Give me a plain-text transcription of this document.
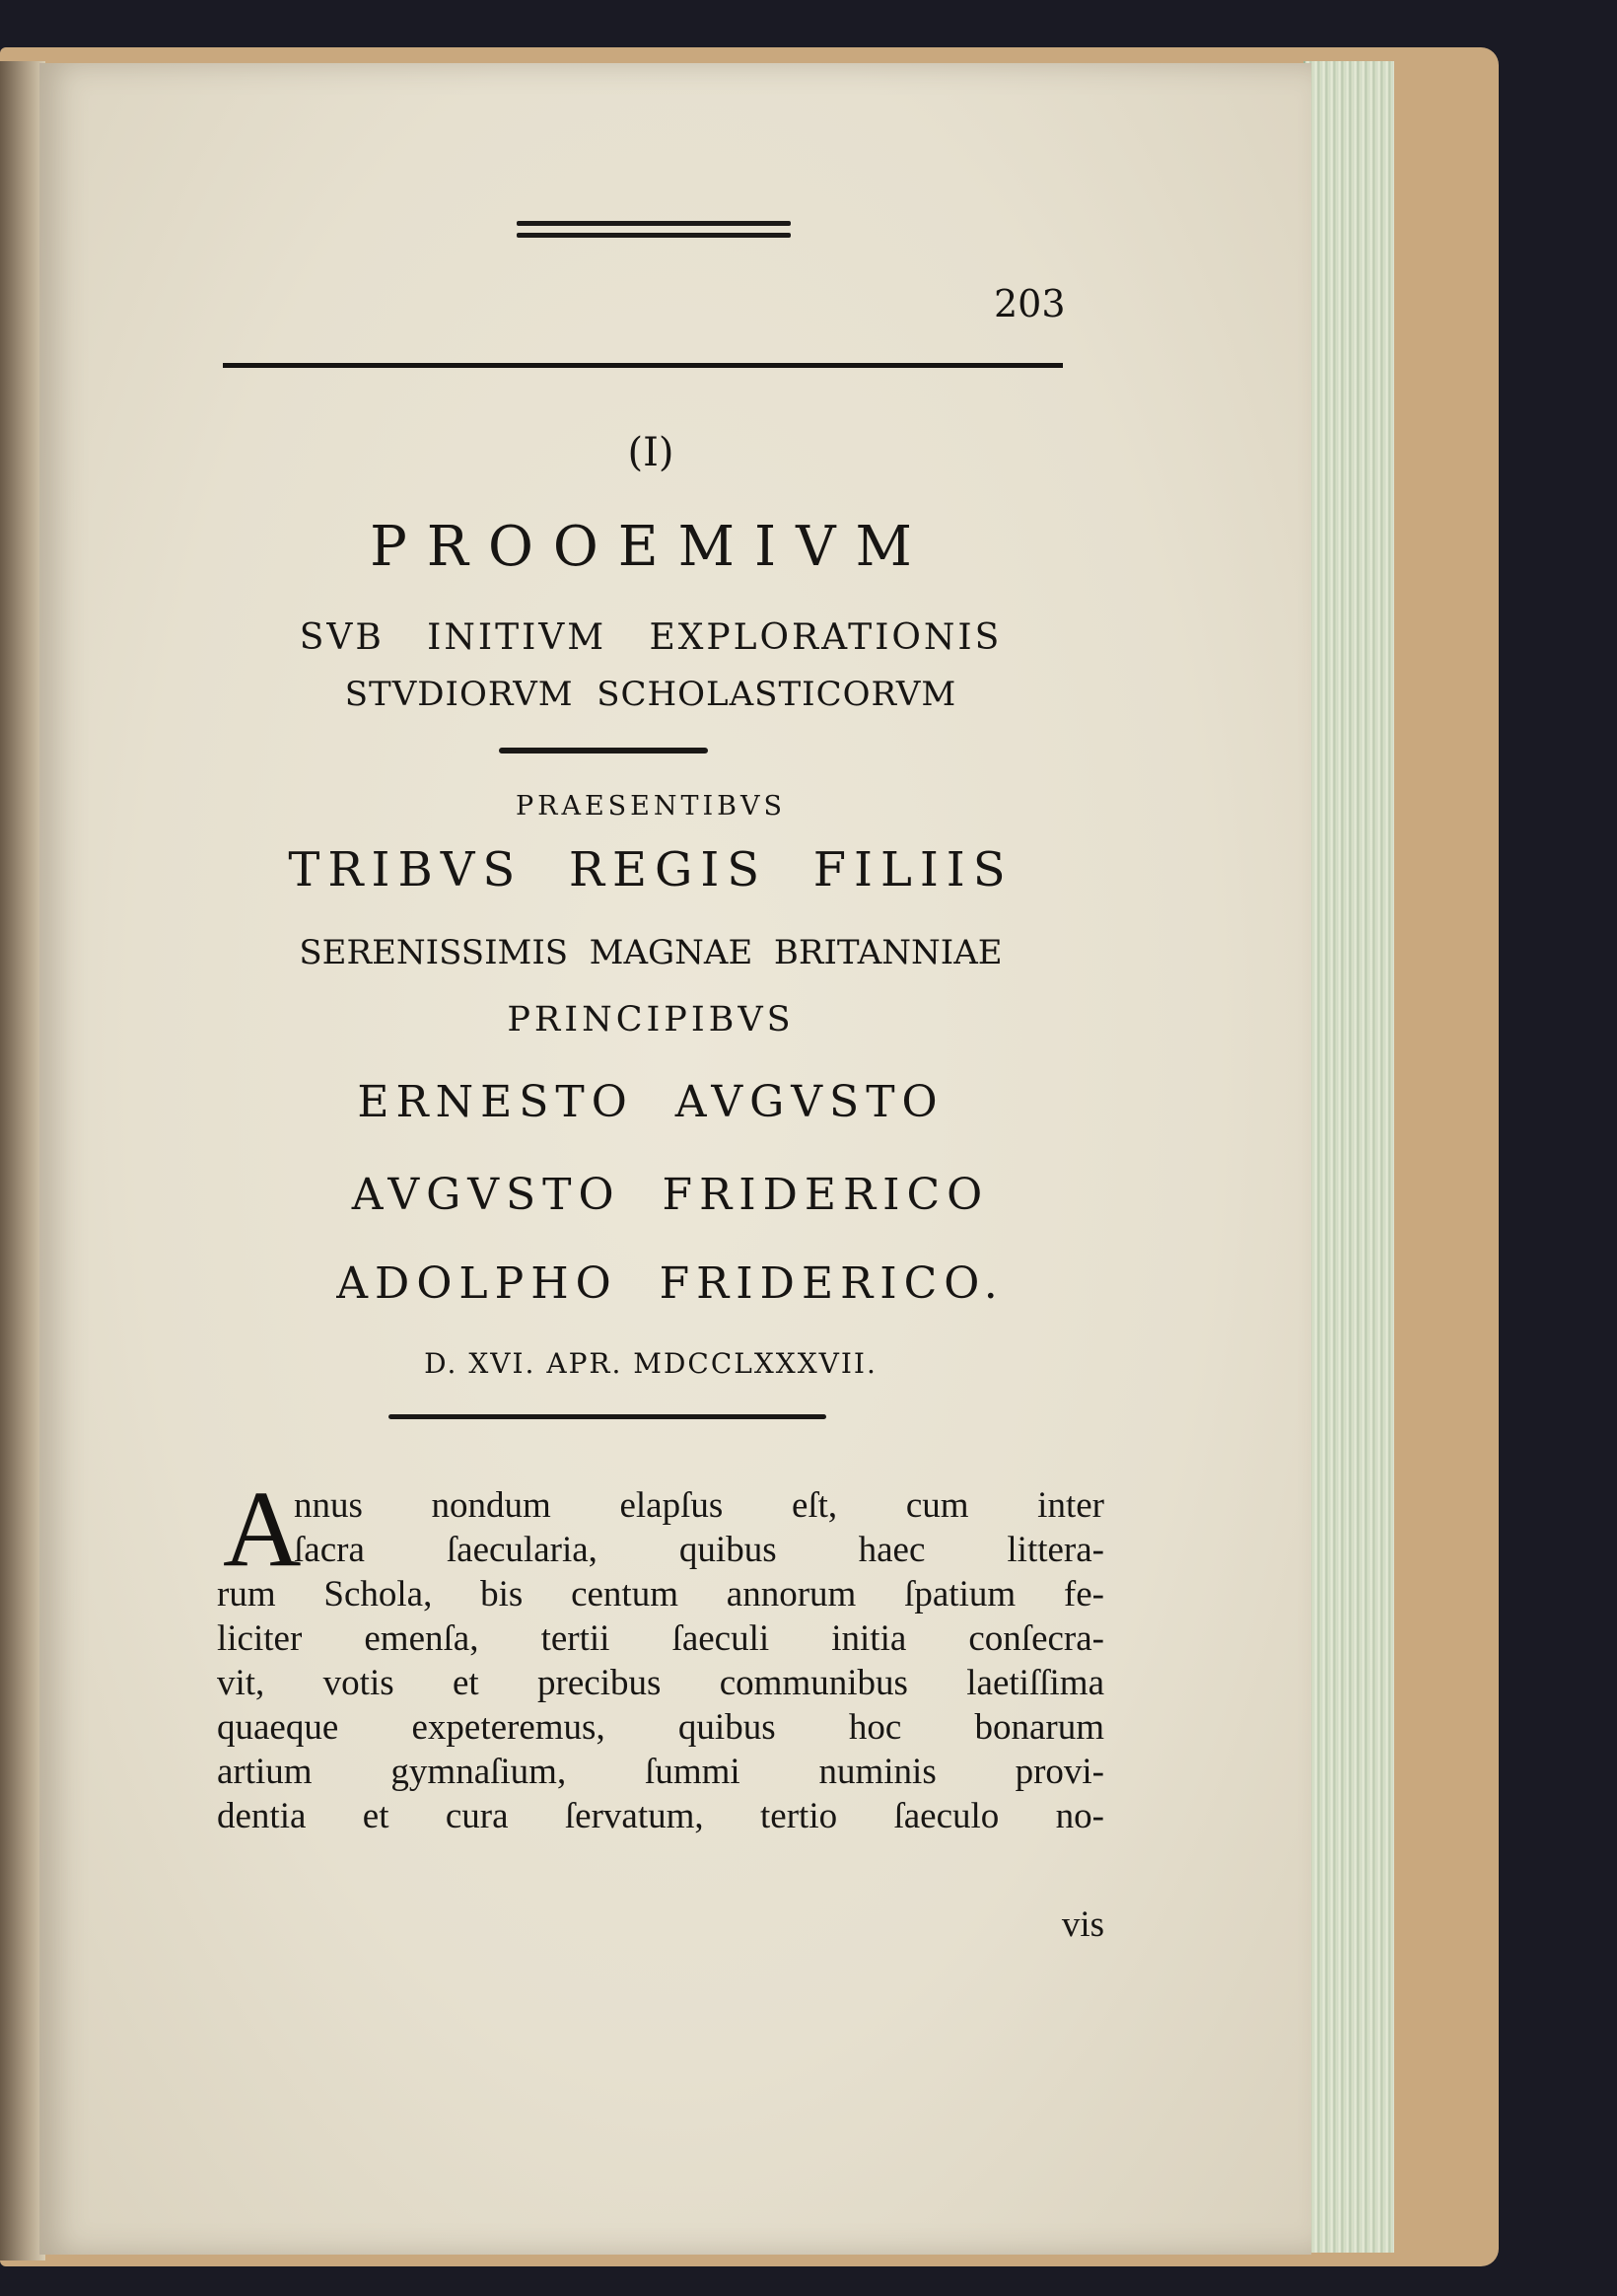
203
(I)
PROOEMIVM
SVB   INITIVM   EXPLORATIONIS
STVDIORVM  SCHOLASTICORVM
PRAESENTIBVS
TRIBVS  REGIS  FILIIS
SERENISSIMIS  MAGNAE  BRITANNIAE
PRINCIPIBVS
ERNESTO  AVGVSTO
AVGVSTO  FRIDERICO
ADOLPHO  FRIDERICO.
D. XVI. APR. MDCCLXXXVII.
A
nnus nondum elapſus eſt, cum inter
ſacra ſaecularia, quibus haec littera-
rum Schola, bis centum annorum ſpatium fe-
liciter emenſa, tertii ſaeculi initia conſecra-
vit, votis et precibus communibus laetiſſima
quaeque expeteremus, quibus hoc bonarum
artium gymnaſium, ſummi numinis provi-
dentia et cura ſervatum, tertio ſaeculo no-
vis
